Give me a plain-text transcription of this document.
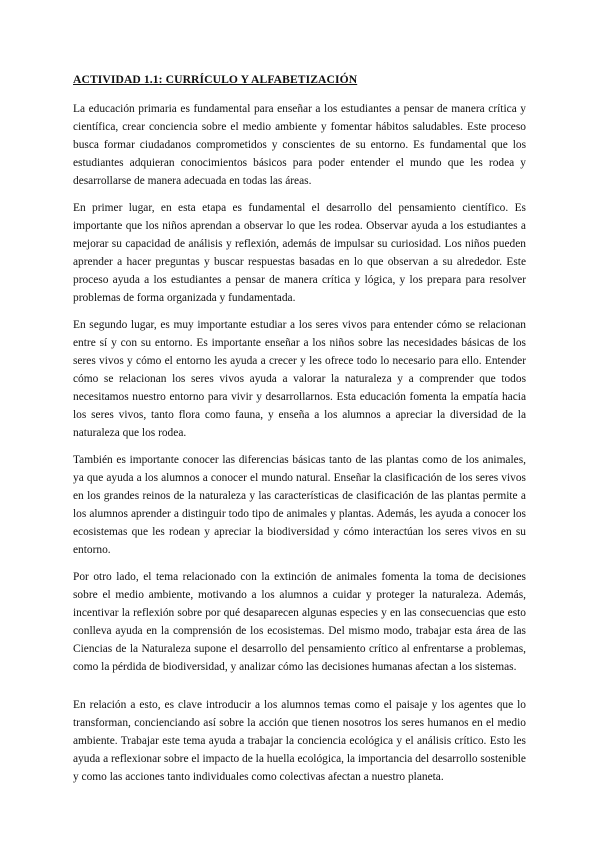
ACTIVIDAD 1.1: CURRÍCULO Y ALFABETIZACIÓN

La educación primaria es fundamental para enseñar a los estudiantes a pensar de manera crítica y científica, crear conciencia sobre el medio ambiente y fomentar hábitos saludables. Este proceso busca formar ciudadanos comprometidos y conscientes de su entorno. Es fundamental que los estudiantes adquieran conocimientos básicos para poder entender el mundo que les rodea y desarrollarse de manera adecuada en todas las áreas.

En primer lugar, en esta etapa es fundamental el desarrollo del pensamiento científico. Es importante que los niños aprendan a observar lo que les rodea. Observar ayuda a los estudiantes a mejorar su capacidad de análisis y reflexión, además de impulsar su curiosidad. Los niños pueden aprender a hacer preguntas y buscar respuestas basadas en lo que observan a su alrededor. Este proceso ayuda a los estudiantes a pensar de manera crítica y lógica, y los prepara para resolver problemas de forma organizada y fundamentada.

En segundo lugar, es muy importante estudiar a los seres vivos para entender cómo se relacionan entre sí y con su entorno. Es importante enseñar a los niños sobre las necesidades básicas de los seres vivos y cómo el entorno les ayuda a crecer y les ofrece todo lo necesario para ello. Entender cómo se relacionan los seres vivos ayuda a valorar la naturaleza y a comprender que todos necesitamos nuestro entorno para vivir y desarrollarnos. Esta educación fomenta la empatía hacia los seres vivos, tanto flora como fauna, y enseña a los alumnos a apreciar la diversidad de la naturaleza que los rodea.

También es importante conocer las diferencias básicas tanto de las plantas como de los animales, ya que ayuda a los alumnos a conocer el mundo natural. Enseñar la clasificación de los seres vivos en los grandes reinos de la naturaleza y las características de clasificación de las plantas permite a los alumnos aprender a distinguir todo tipo de animales y plantas. Además, les ayuda a conocer los ecosistemas que les rodean y apreciar la biodiversidad y cómo interactúan los seres vivos en su entorno.

Por otro lado, el tema relacionado con la extinción de animales fomenta la toma de decisiones sobre el medio ambiente, motivando a los alumnos a cuidar y proteger la naturaleza. Además, incentivar la reflexión sobre por qué desaparecen algunas especies y en las consecuencias que esto conlleva ayuda en la comprensión de los ecosistemas. Del mismo modo, trabajar esta área de las Ciencias de la Naturaleza supone el desarrollo del pensamiento crítico al enfrentarse a problemas, como la pérdida de biodiversidad, y analizar cómo las decisiones humanas afectan a los sistemas.

En relación a esto, es clave introducir a los alumnos temas como el paisaje y los agentes que lo transforman, concienciando así sobre la acción que tienen nosotros los seres humanos en el medio ambiente. Trabajar este tema ayuda a trabajar la conciencia ecológica y el análisis crítico. Esto les ayuda a reflexionar sobre el impacto de la huella ecológica, la importancia del desarrollo sostenible y como las acciones tanto individuales como colectivas afectan a nuestro planeta.
